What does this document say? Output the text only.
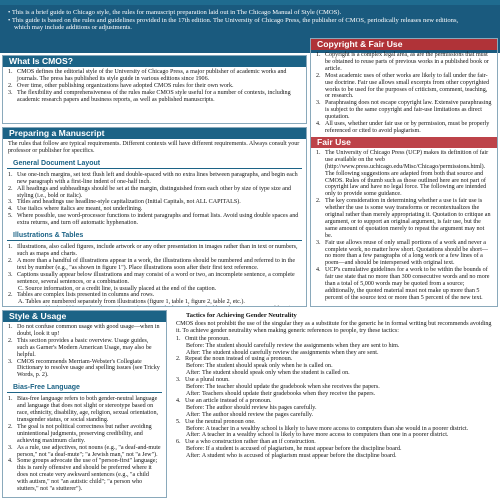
• This is a brief guide to Chicago style, the rules for manuscript preparation laid out in The Chicago Manual of Style (CMOS).
• This guide is based on the rules and guidelines provided in the 17th edition. The University of Chicago Press, the publisher of CMOS, periodically releases new editions,
which may include additions or adjustments.
What Is CMOS?
1. CMOS defines the editorial style of the University of Chicago Press, a major publisher of academic works and journals. The press has published its style guide in various editions since 1906.
2. Over time, other publishing organizations have adopted CMOS rules for their own work.
3. The flexibility and comprehensiveness of the rules make CMOS style useful for a number of contexts, including academic research papers and business reports, as well as published manuscripts.
Preparing a Manuscript
The rules that follow are typical requirements. Different contexts will have different requirements. Always consult your professor or publisher for specifics.
General Document Layout
1. Use one-inch margins, set text flush left and double-spaced with no extra lines between paragraphs, and begin each new paragraph with a first-line indent of one-half inch.
2. All headings and subheadings should be set at the margin, distinguished from each other by size of type size and styling (i.e., bold or italic).
3. Titles and headings use headline-style capitalization (Initial Capitals, not ALL CAPITALS).
4. Use italics where italics are meant, not underlining.
5. Where possible, use word-processor functions to indent paragraphs and format lists. Avoid using double spaces and extra returns, and turn off automatic hyphenation.
Illustrations & Tables
1. Illustrations, also called figures, include artwork or any other presentation in images rather than in text or numbers, such as maps and charts.
2. A more than a handful of illustrations appear in a work, the illustrations should be numbered and referred to in the text by number (e.g., "as shown in figure 1"). Place illustrations soon after their first text reference.
3. Captions usually appear below illustrations and may consist of a word or two, an incomplete sentence, a complete sentence, several sentences, or a combination.
C. Source information, or a credit line, is usually placed at the end of the caption.
2. Tables are complex lists presented in columns and rows.
A. Tables are numbered separately from illustrations (figure 1, table 1, figure 2, table 2, etc.).
Copyright & Fair Use
1. Copyright is a complex legal area, as are the permissions that must be obtained to reuse parts of previous works in a published book or article.
2. Most academic uses of other works are likely to fall under the fair-use doctrine. Fair use allows small excerpts from other copyrighted works to be used for the purposes of criticism, comment, teaching, or research.
3. Paraphrasing does not escape copyright law. Extensive paraphrasing is subject to the same copyright and fair-use limitations as direct quotation.
4. All uses, whether under fair use or by permission, must be properly referenced or cited to avoid plagiarism.
Fair Use
1. The University of Chicago Press (UCP) makes its definition of fair use available on the web (http://www.press.uchicago.edu/Misc/Chicago/permissions.html). The following suggestions are adapted from both that source and CMOS. Rules of thumb such as those outlined here are not part of copyright law and have no legal force. The following are intended only to provide some guidance.
2. The key consideration in determining whether a use is fair use is whether the use is some way transforms or recontextualizes the original rather than merely appropriating it. Quotation to critique an argument, or to support an original argument, is fair use, but the same amount of quotation merely to repeat the argument may not be.
3. Fair use allows reuse of only small portions of a work and never a complete work, no matter how short. Quotations should be short—no more than a few paragraphs of a long work or a few lines of a poem—and should be interspersed with original text.
4. UCP's cumulative guidelines for a work to be within the bounds of fair use state that no more than 300 consecutive words and no more than a total of 5,000 words may be quoted from a source; additionally, the quoted material must not make up more than 5 percent of the source text or more than 5 percent of the new text.
Style & Usage
1. Do not confuse common usage with good usage—when in doubt, look it up!
2. This section provides a basic overview. Usage guides, such as Garner's Modern American Usage, may also be helpful.
3. CMOS recommends Merriam-Webster's Collegiate Dictionary to resolve usage and spelling issues (see Tricky Words, p. 2).
Bias-Free Language
1. Bias-free language refers to both gender-neutral language and language that does not slight or stereotype based on race, ethnicity, disability, age, religion, sexual orientation, transgender status, or social standing.
2. The goal is not political correctness but rather avoiding unintentional judgments, preserving credibility, and achieving maximum clarity.
3. As a rule, use adjectives, not nouns (e.g., "a deaf-and-mute person," not "a deaf-mute"; "a Jewish man," not "a Jew").
4. Some groups advocate the use of "person-first" language; this is rarely offensive and should be preferred where it does not create very awkward sentences (e.g., "a child with autism," not "an autistic child"; "a person who stutters," not "a stutterer").

Tactics for Achieving Gender Neutrality

CMOS does not prohibit the use of the singular they as a substitute for the generic he in formal writing but recommends avoiding it. To achieve gender neutrality when making generic references to people, try these tactics:

1. Omit the pronoun.
Before: The student should carefully review the assignments when they are sent to him.
After: The student should carefully review the assignments when they are sent.
2. Repeat the noun instead of using a pronoun.
Before: The student should speak only when he is called on.
After: The student should speak only when the student is called on.
3. Use a plural noun.
Before: The teacher should update the gradebook when she receives the papers.
After: Teachers should update their gradebooks when they receive the papers.
4. Use an article instead of a pronoun.
Before: The author should review his pages carefully.
After: The author should review the pages carefully.
5. Use the neutral pronoun one.
Before: A teacher in a wealthy school is likely to have more access to computers than she would in a poorer district.
After: A teacher in a wealthy school is likely to have more access to computers than one in a poorer district.
6. Use a who construction rather than an if construction.
Before: If a student is accused of plagiarism, he must appear before the discipline board.
After: A student who is accused of plagiarism must appear before the discipline board.
